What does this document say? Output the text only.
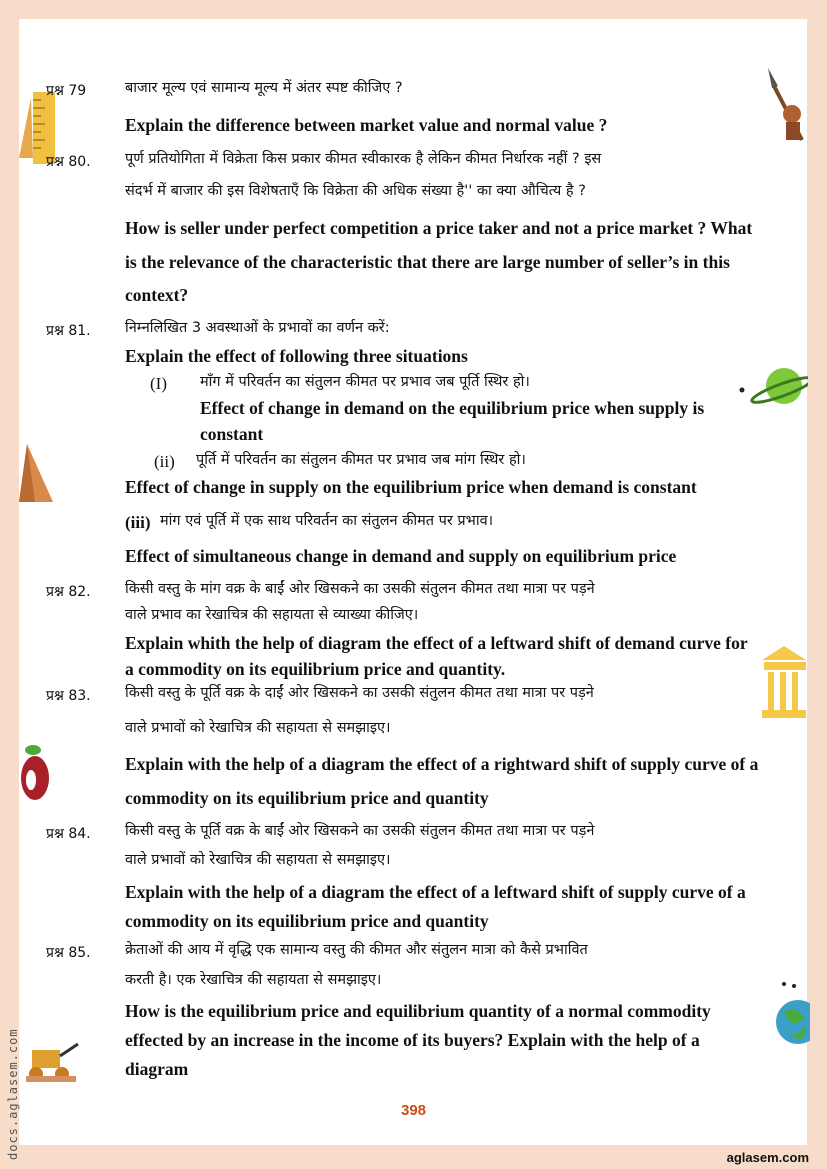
प्रश्न 79	बाजार मूल्य एवं सामान्य मूल्य में अंतर स्पष्ट कीजिए ?
Explain the difference between market value and normal value ?
प्रश्न 80. पूर्ण प्रतियोगिता में विक्रेता किस प्रकार कीमत स्वीकारक है लेकिन कीमत निर्धारक नहीं ? इस
संदर्भ में बाजार की इस विशेषताएँ कि विक्रेता की अधिक संख्या है'' का क्या औचित्य है ?
How is seller under perfect competition a price taker and not a price market ? What
is the relevance of the characteristic that there are large number of seller’s in this
context?
प्रश्न 81. निम्नलिखित 3 अवस्थाओं के प्रभावों का वर्णन करें:
Explain the effect of following three situations
(I) माँग में परिवर्तन का संतुलन कीमत पर प्रभाव जब पूर्ति स्थिर हो।
Effect of change in demand on the equilibrium price when supply is
constant
(ii) पूर्ति में परिवर्तन का संतुलन कीमत पर प्रभाव जब मांग स्थिर हो।
Effect of change in supply on the equilibrium price when demand is constant
(iii) मांग एवं पूर्ति में एक साथ परिवर्तन का संतुलन कीमत पर प्रभाव।
Effect of simultaneous change in demand and supply on equilibrium price
प्रश्न 82. किसी वस्तु के मांग वक्र के बाईं ओर खिसकने का उसकी संतुलन कीमत तथा मात्रा पर पड़ने
वाले प्रभाव का रेखाचित्र की सहायता से व्याख्या कीजिए।
Explain whith the help of diagram the effect of a leftward shift of demand curve for
a commodity on its equilibrium price and quantity.
प्रश्न 83. किसी वस्तु के पूर्ति वक्र के दाईं ओर खिसकने का उसकी संतुलन कीमत तथा मात्रा पर पड़ने
वाले प्रभावों को रेखाचित्र की सहायता से समझाइए।
Explain with the help of a diagram the effect of a rightward shift of supply curve of a
commodity on its equilibrium price and quantity
प्रश्न 84. किसी वस्तु के पूर्ति वक्र के बाईं ओर खिसकने का उसकी संतुलन कीमत तथा मात्रा पर पड़ने
वाले प्रभावों को रेखाचित्र की सहायता से समझाइए।
Explain with the help of a diagram the effect of a leftward shift of supply curve of a
commodity on its equilibrium price and quantity
प्रश्न 85. क्रेताओं की आय में वृद्धि एक सामान्य वस्तु की कीमत और संतुलन मात्रा को कैसे प्रभावित
करती है। एक रेखाचित्र की सहायता से समझाइए।
How is the equilibrium price and equilibrium quantity of a normal commodity
effected by an increase in the income of its buyers? Explain with the help of a
diagram
398
aglasem.com
docs.aglasem.com
